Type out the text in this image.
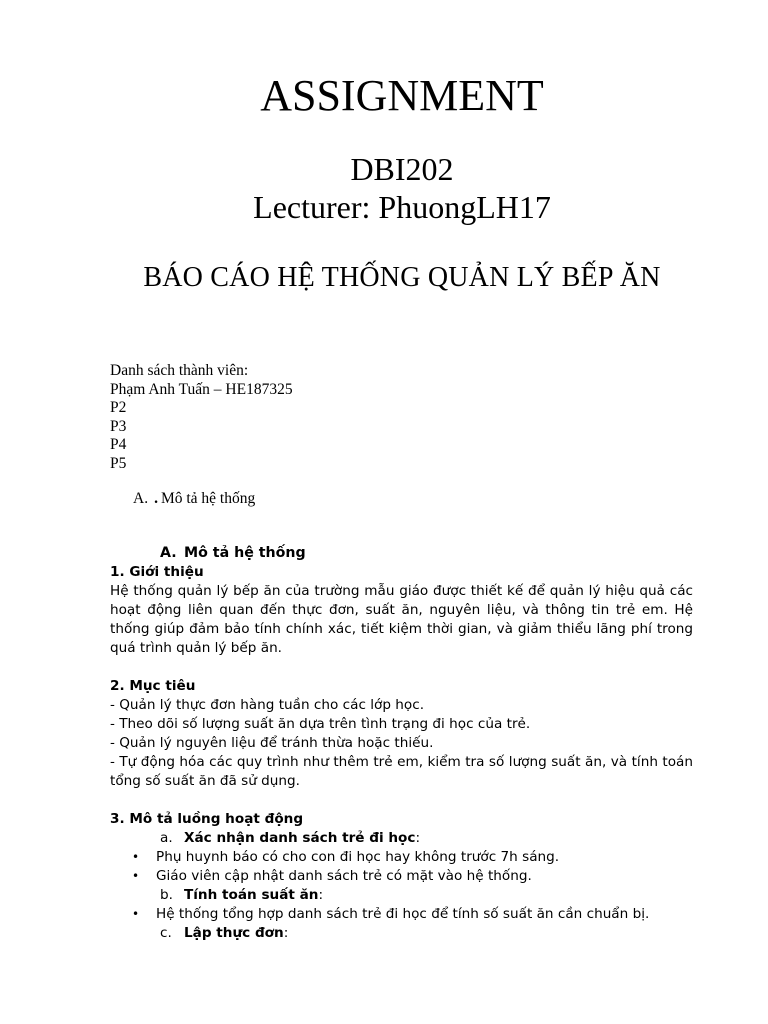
ASSIGNMENT
DBI202
Lecturer: PhuongLH17
BÁO CÁO HỆ THỐNG QUẢN LÝ BẾP ĂN
Danh sách thành viên:
Phạm Anh Tuấn – HE187325
P2
P3
P4
P5
A. . Mô tả hệ thống
A. Mô tả hệ thống
1. Giới thiệu
Hệ thống quản lý bếp ăn của trường mẫu giáo được thiết kế để quản lý hiệu quả các hoạt động liên quan đến thực đơn, suất ăn, nguyên liệu, và thông tin trẻ em. Hệ thống giúp đảm bảo tính chính xác, tiết kiệm thời gian, và giảm thiểu lãng phí trong quá trình quản lý bếp ăn.
2. Mục tiêu
- Quản lý thực đơn hàng tuần cho các lớp học.
- Theo dõi số lượng suất ăn dựa trên tình trạng đi học của trẻ.
- Quản lý nguyên liệu để tránh thừa hoặc thiếu.
- Tự động hóa các quy trình như thêm trẻ em, kiểm tra số lượng suất ăn, và tính toán tổng số suất ăn đã sử dụng.
3. Mô tả luồng hoạt động
a. Xác nhận danh sách trẻ đi học:
• Phụ huynh báo có cho con đi học hay không trước 7h sáng.
• Giáo viên cập nhật danh sách trẻ có mặt vào hệ thống.
b. Tính toán suất ăn:
• Hệ thống tổng hợp danh sách trẻ đi học để tính số suất ăn cần chuẩn bị.
c. Lập thực đơn:
